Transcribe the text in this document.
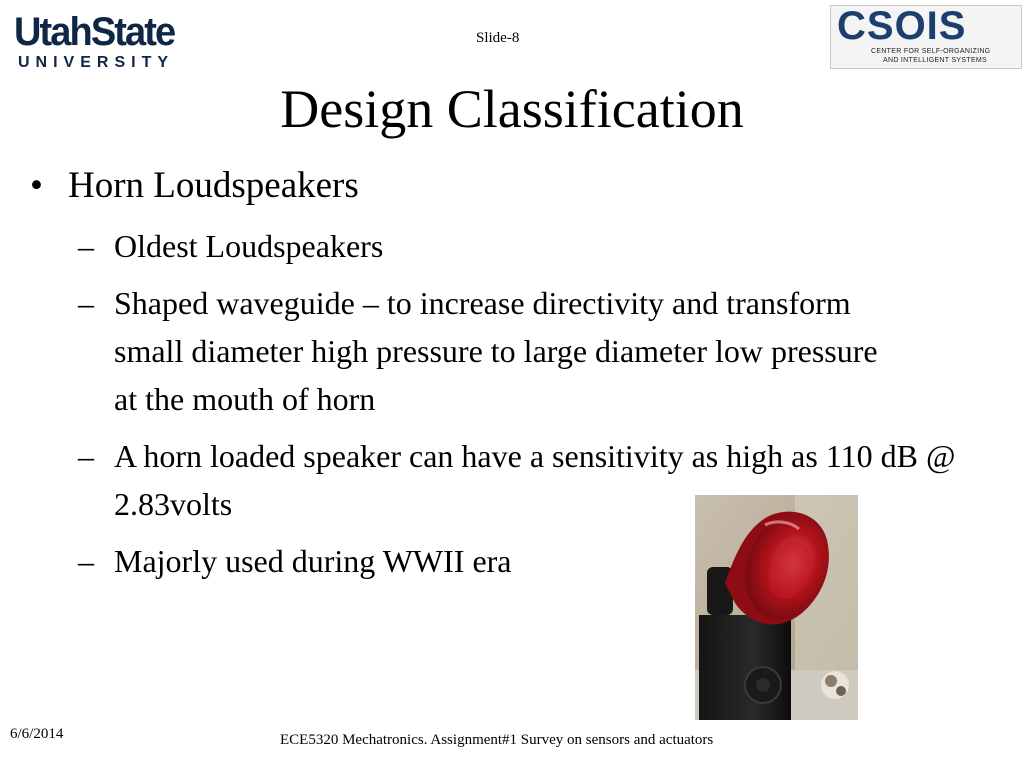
UtahState
UNIVERSITY
CSOIS
CENTER FOR SELF-ORGANIZING
AND INTELLIGENT SYSTEMS
Slide-8
Design Classification
• Horn Loudspeakers
– Oldest Loudspeakers
– Shaped waveguide – to increase directivity and transform small diameter high pressure to large diameter low pressure at the mouth of horn
– A horn loaded speaker can have a sensitivity as high as 110 dB @ 2.83volts
– Majorly used during WWII era
6/6/2014	ECE5320 Mechatronics. Assignment#1 Survey on sensors and actuators
